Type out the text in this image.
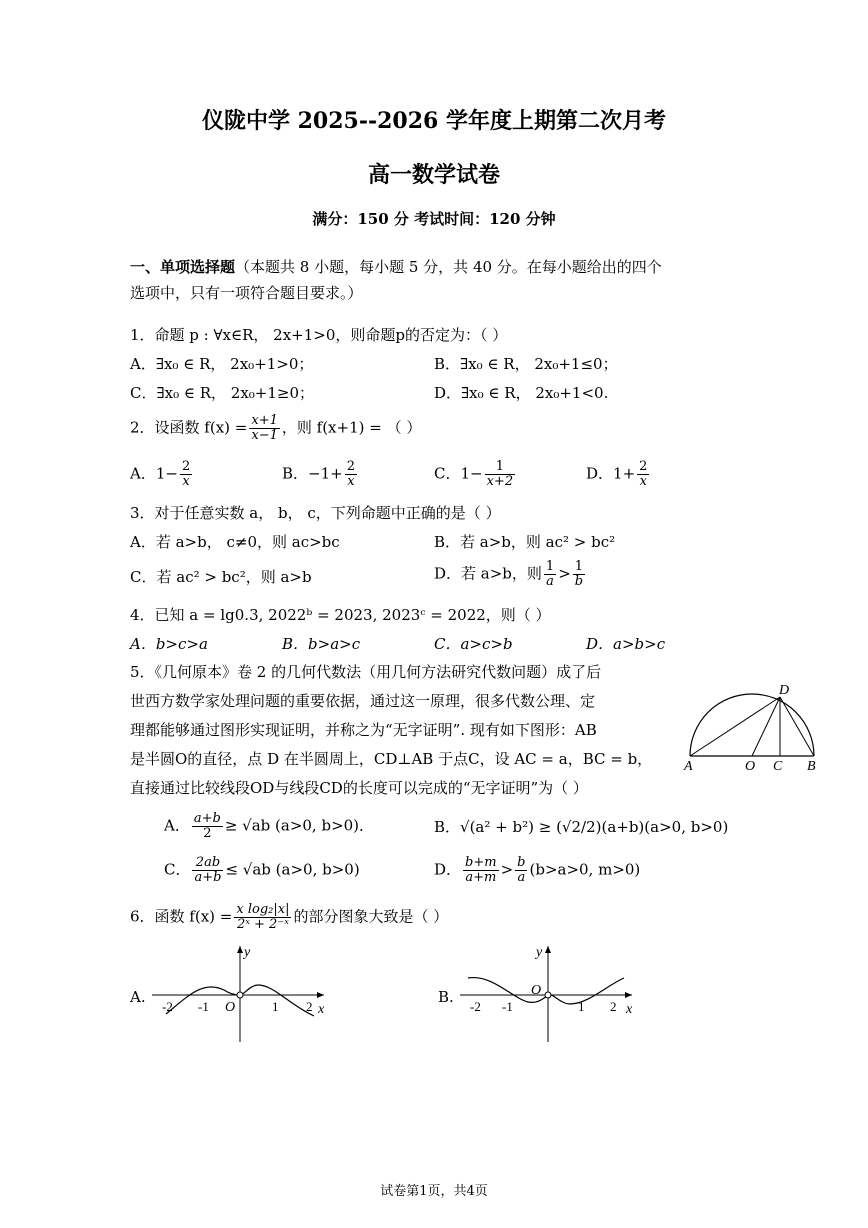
仪陇中学 2025--2026 学年度上期第二次月考
高一数学试卷
满分：150 分 考试时间：120 分钟
一、单项选择题（本题共 8 小题，每小题 5 分，共 40 分。在每小题给出的四个
选项中，只有一项符合题目要求。）
1．命题 p : ∀x∈R， 2x+1>0，则命题p的否定为：（ ）
A．∃x₀ ∈ R， 2x₀+1>0；	B．∃x₀ ∈ R， 2x₀+1≤0；
C．∃x₀ ∈ R， 2x₀+1≥0；	D．∃x₀ ∈ R， 2x₀+1<0.
2．设函数 $f(x) = \frac{x+1}{x-1}$ ，则 f(x+1) = （ ）
A．$1- \frac{2}{x}$	B．$-1+ \frac{2}{x}$	C．$1- \frac{1}{x+2}$	D．$1+ \frac{2}{x}$
3．对于任意实数 a， b， c，下列命题中正确的是（ ）
A．若 a>b， c≠0，则 ac>bc	B．若 a>b，则 ac² > bc²
C．若 ac² > bc²，则 a>b	D．若 a>b，则 $\frac{1}{a} > \frac{1}{b}$
4．已知 a = lg0.3, 2022ᵇ = 2023, 2023ᶜ = 2022，则（ ）
A．b>c>a	B．b>a>c	C．a>c>b	D．a>b>c
5．《几何原本》卷 2 的几何代数法（用几何方法研究代数问题）成了后
世西方数学家处理问题的重要依据，通过这一原理，很多代数公理、定
理都能够通过图形实现证明，并称之为“无字证明”. 现有如下图形：AB
是半圆O的直径，点 D 在半圆周上，CD⊥AB 于点C，设 AC = a，BC = b，
直接通过比较线段OD与线段CD的长度可以完成的“无字证明”为（ ）
D
A	O C B
A． $\frac{a+b}{2} \ge √ab$ (a>0, b>0)．	B．√(a² + b²) ≥ (√2/2)(a+b)(a>0, b>0)
C． $\frac{2ab}{a+b} \le √ab$ (a>0, b>0)	D． $\frac{b+m}{a+m} > \frac{b}{a} (b>a>0$, m>0)
6．函数 $f(x) = \frac{\text{x log₂|x|}}{\text{2ˣ + 2⁻ˣ}}$ 的部分图象大致是（ ）
A.
y
x
O
-2 -1	1 2
B.
y
x
O
-2 -1	1 2
试卷第1页，共4页
